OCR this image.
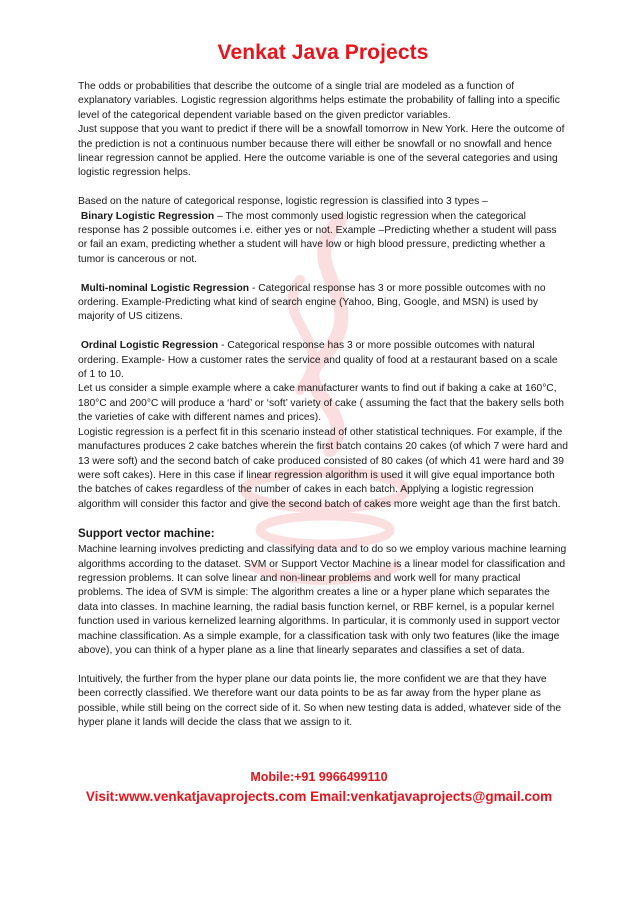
Venkat Java Projects

The odds or probabilities that describe the outcome of a single trial are modeled as a function of explanatory variables. Logistic regression algorithms helps estimate the probability of falling into a specific level of the categorical dependent variable based on the given predictor variables.

Just suppose that you want to predict if there will be a snowfall tomorrow in New York. Here the outcome of the prediction is not a continuous number because there will either be snowfall or no snowfall and hence linear regression cannot be applied. Here the outcome variable is one of the several categories and using logistic regression helps.

Based on the nature of categorical response, logistic regression is classified into 3 types –

Binary Logistic Regression – The most commonly used logistic regression when the categorical response has 2 possible outcomes i.e. either yes or not. Example –Predicting whether a student will pass or fail an exam, predicting whether a student will have low or high blood pressure, predicting whether a tumor is cancerous or not.

Multi-nominal Logistic Regression - Categorical response has 3 or more possible outcomes with no ordering. Example-Predicting what kind of search engine (Yahoo, Bing, Google, and MSN) is used by majority of US citizens.

Ordinal Logistic Regression - Categorical response has 3 or more possible outcomes with natural ordering. Example- How a customer rates the service and quality of food at a restaurant based on a scale of 1 to 10.

Let us consider a simple example where a cake manufacturer wants to find out if baking a cake at 160°C, 180°C and 200°C will produce a ‘hard’ or ‘soft’ variety of cake ( assuming the fact that the bakery sells both the varieties of cake with different names and prices).

Logistic regression is a perfect fit in this scenario instead of other statistical techniques. For example, if the manufactures produces 2 cake batches wherein the first batch contains 20 cakes (of which 7 were hard and 13 were soft) and the second batch of cake produced consisted of 80 cakes (of which 41 were hard and 39 were soft cakes). Here in this case if linear regression algorithm is used it will give equal importance both the batches of cakes regardless of the number of cakes in each batch. Applying a logistic regression algorithm will consider this factor and give the second batch of cakes more weight age than the first batch.

Support vector machine:

Machine learning involves predicting and classifying data and to do so we employ various machine learning algorithms according to the dataset. SVM or Support Vector Machine is a linear model for classification and regression problems. It can solve linear and non-linear problems and work well for many practical problems. The idea of SVM is simple: The algorithm creates a line or a hyper plane which separates the data into classes. In machine learning, the radial basis function kernel, or RBF kernel, is a popular kernel function used in various kernelized learning algorithms. In particular, it is commonly used in support vector machine classification. As a simple example, for a classification task with only two features (like the image above), you can think of a hyper plane as a line that linearly separates and classifies a set of data.

Intuitively, the further from the hyper plane our data points lie, the more confident we are that they have been correctly classified. We therefore want our data points to be as far away from the hyper plane as possible, while still being on the correct side of it. So when new testing data is added, whatever side of the hyper plane it lands will decide the class that we assign to it.

Mobile:+91 9966499110
Visit:www.venkatjavaprojects.com Email:venkatjavaprojects@gmail.com
